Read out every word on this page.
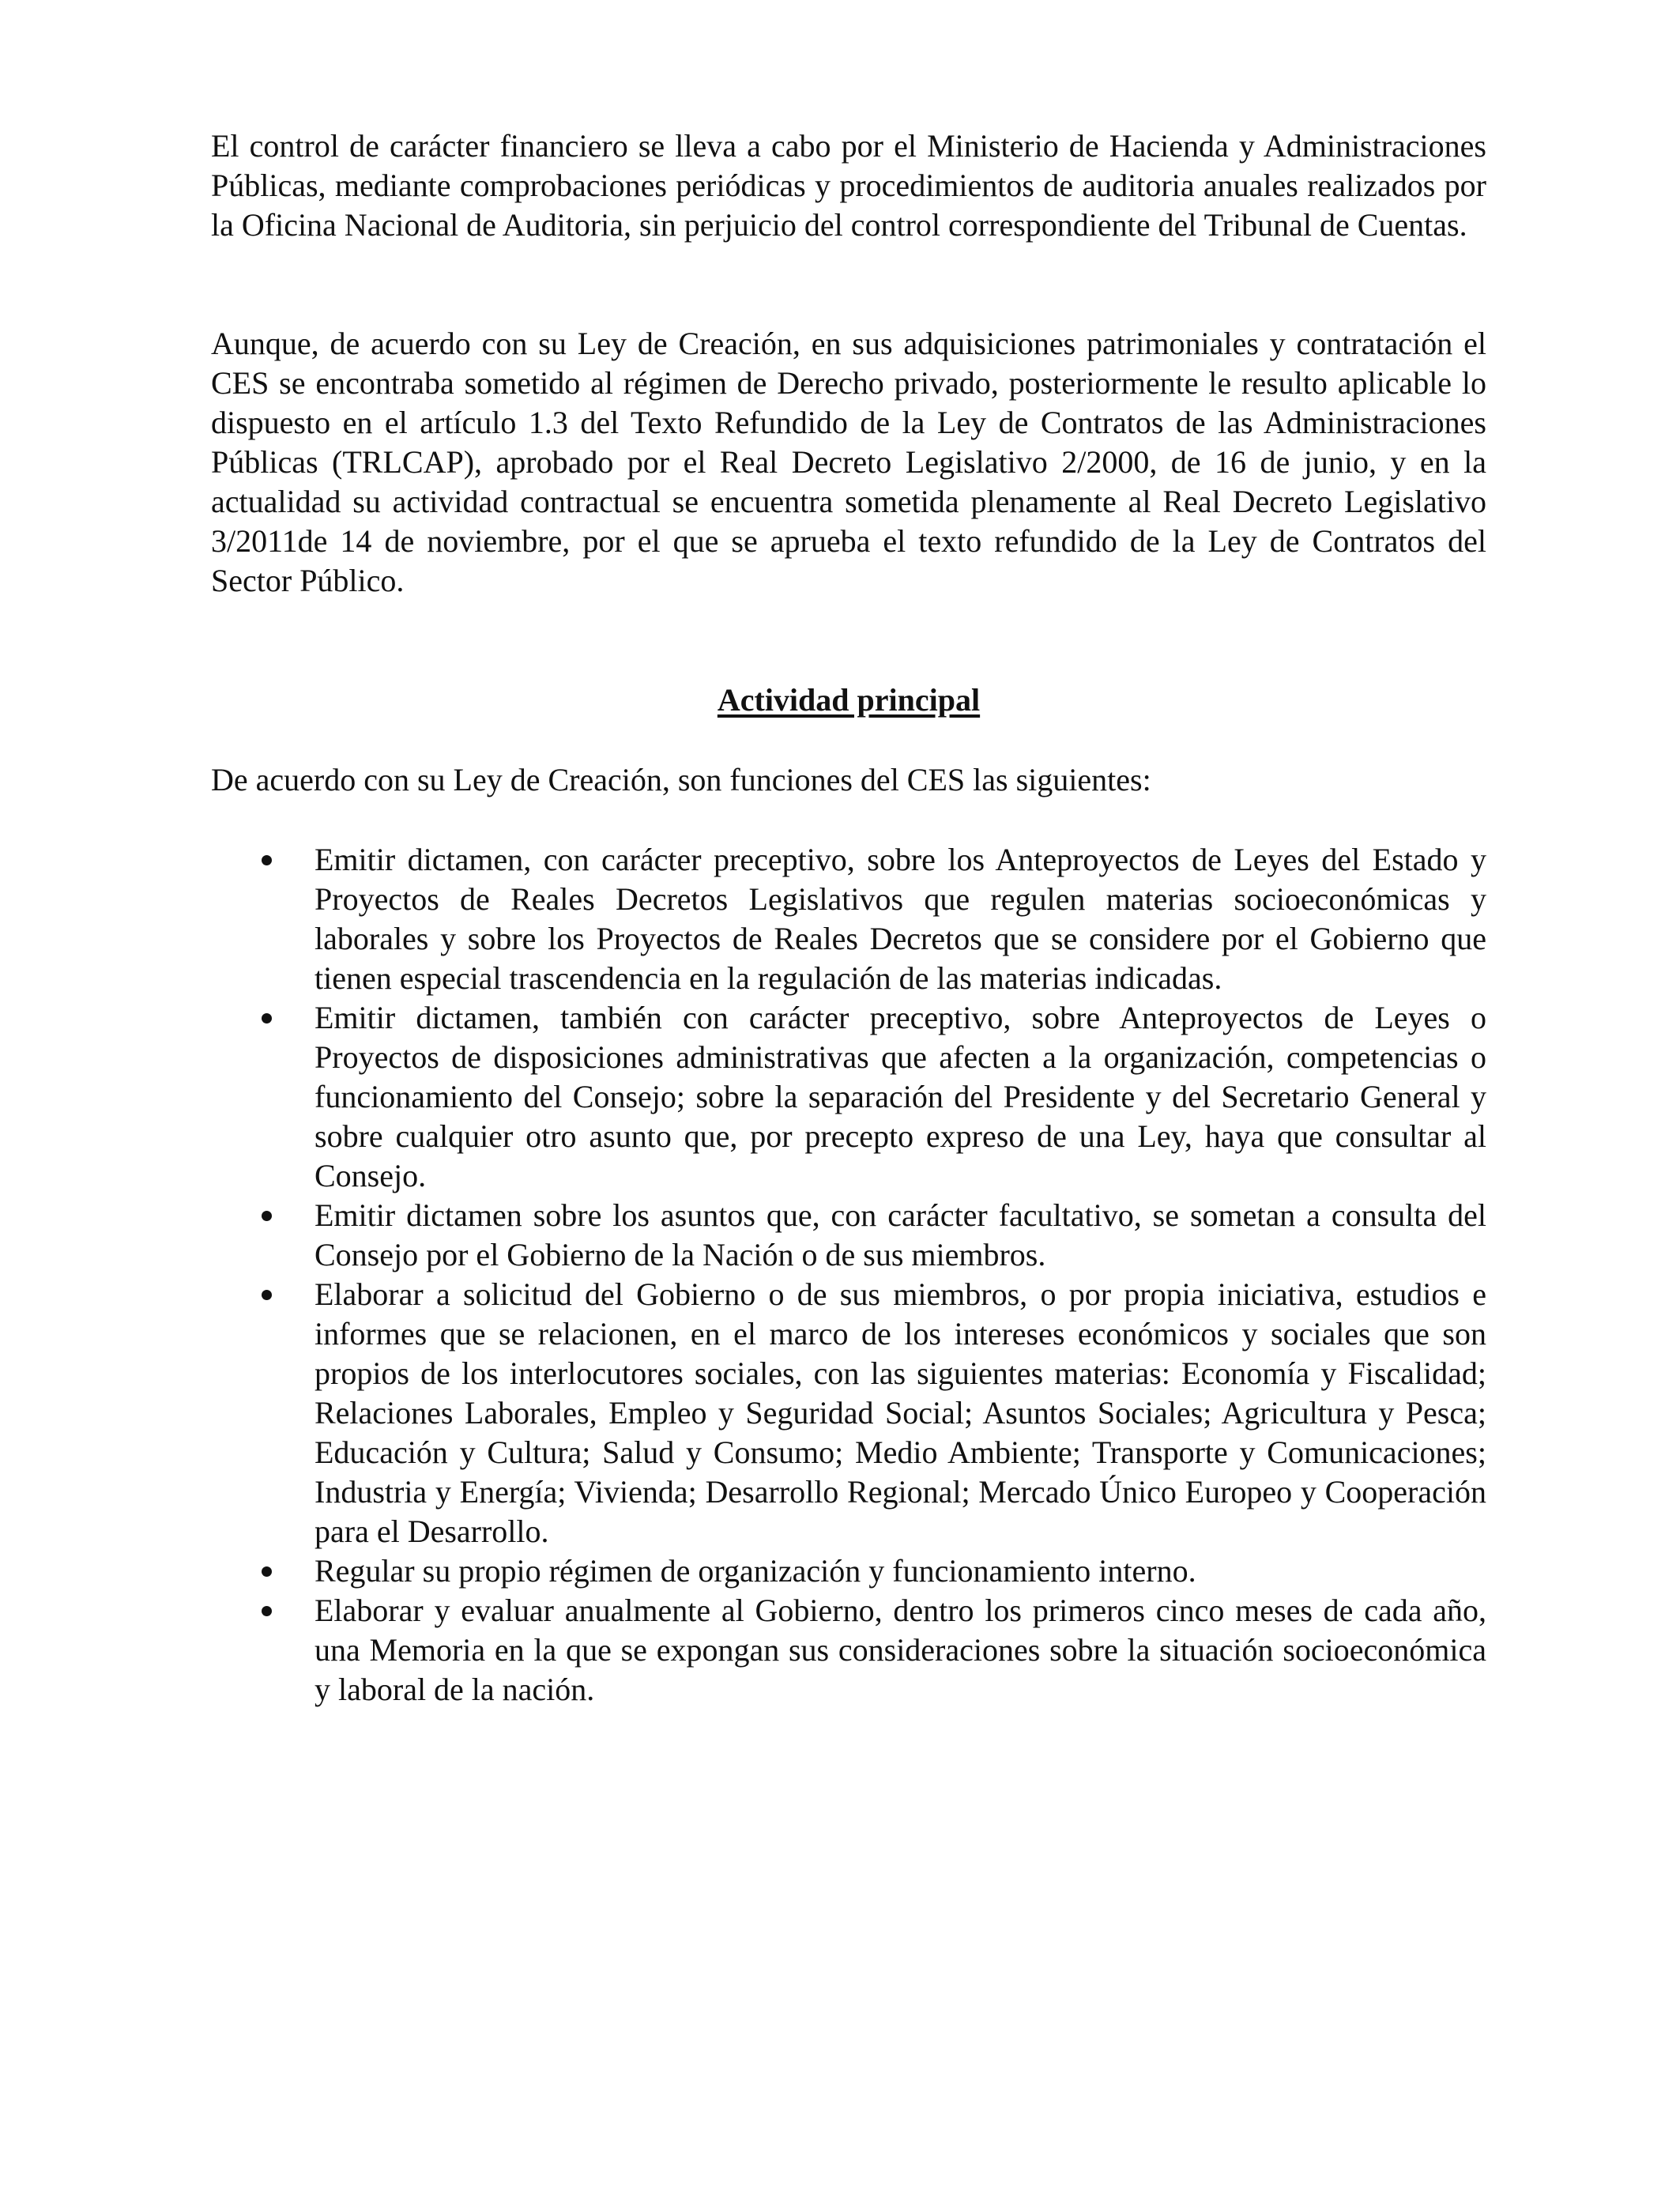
El control de carácter financiero se lleva a cabo por el Ministerio de Hacienda y Administraciones Públicas, mediante comprobaciones periódicas y procedimientos de auditoria anuales realizados por la Oficina Nacional de Auditoria, sin perjuicio del control correspondiente del Tribunal de Cuentas.

Aunque, de acuerdo con su Ley de Creación, en sus adquisiciones patrimoniales y contratación el CES se encontraba sometido al régimen de Derecho privado, posteriormente le resulto aplicable lo dispuesto en el artículo 1.3 del Texto Refundido de la Ley de Contratos de las Administraciones Públicas (TRLCAP), aprobado por el Real Decreto Legislativo 2/2000, de 16 de junio, y en la actualidad su actividad contractual se encuentra sometida plenamente al Real Decreto Legislativo 3/2011de 14 de noviembre, por el que se aprueba el texto refundido de la Ley de Contratos del Sector Público.

Actividad principal

De acuerdo con su Ley de Creación, son funciones del CES las siguientes:

Emitir dictamen, con carácter preceptivo, sobre los Anteproyectos de Leyes del Estado y Proyectos de Reales Decretos Legislativos que regulen materias socioeconómicas y laborales y sobre los Proyectos de Reales Decretos que se considere por el Gobierno que tienen especial trascendencia en la regulación de las materias indicadas.
Emitir dictamen, también con carácter preceptivo, sobre Anteproyectos de Leyes o Proyectos de disposiciones administrativas que afecten a la organización, competencias o funcionamiento del Consejo; sobre la separación del Presidente y del Secretario General y sobre cualquier otro asunto que, por precepto expreso de una Ley, haya que consultar al Consejo.
Emitir dictamen sobre los asuntos que, con carácter facultativo, se sometan a consulta del Consejo por el Gobierno de la Nación o de sus miembros.
Elaborar a solicitud del Gobierno o de sus miembros, o por propia iniciativa, estudios e informes que se relacionen, en el marco de los intereses económicos y sociales que son propios de los interlocutores sociales, con las siguientes materias: Economía y Fiscalidad; Relaciones Laborales, Empleo y Seguridad Social; Asuntos Sociales; Agricultura y Pesca; Educación y Cultura; Salud y Consumo; Medio Ambiente; Transporte y Comunicaciones; Industria y Energía; Vivienda; Desarrollo Regional; Mercado Único Europeo y Cooperación para el Desarrollo.
Regular su propio régimen de organización y funcionamiento interno.
Elaborar y evaluar anualmente al Gobierno, dentro los primeros cinco meses de cada año, una Memoria en la que se expongan sus consideraciones sobre la situación socioeconómica y laboral de la nación.
